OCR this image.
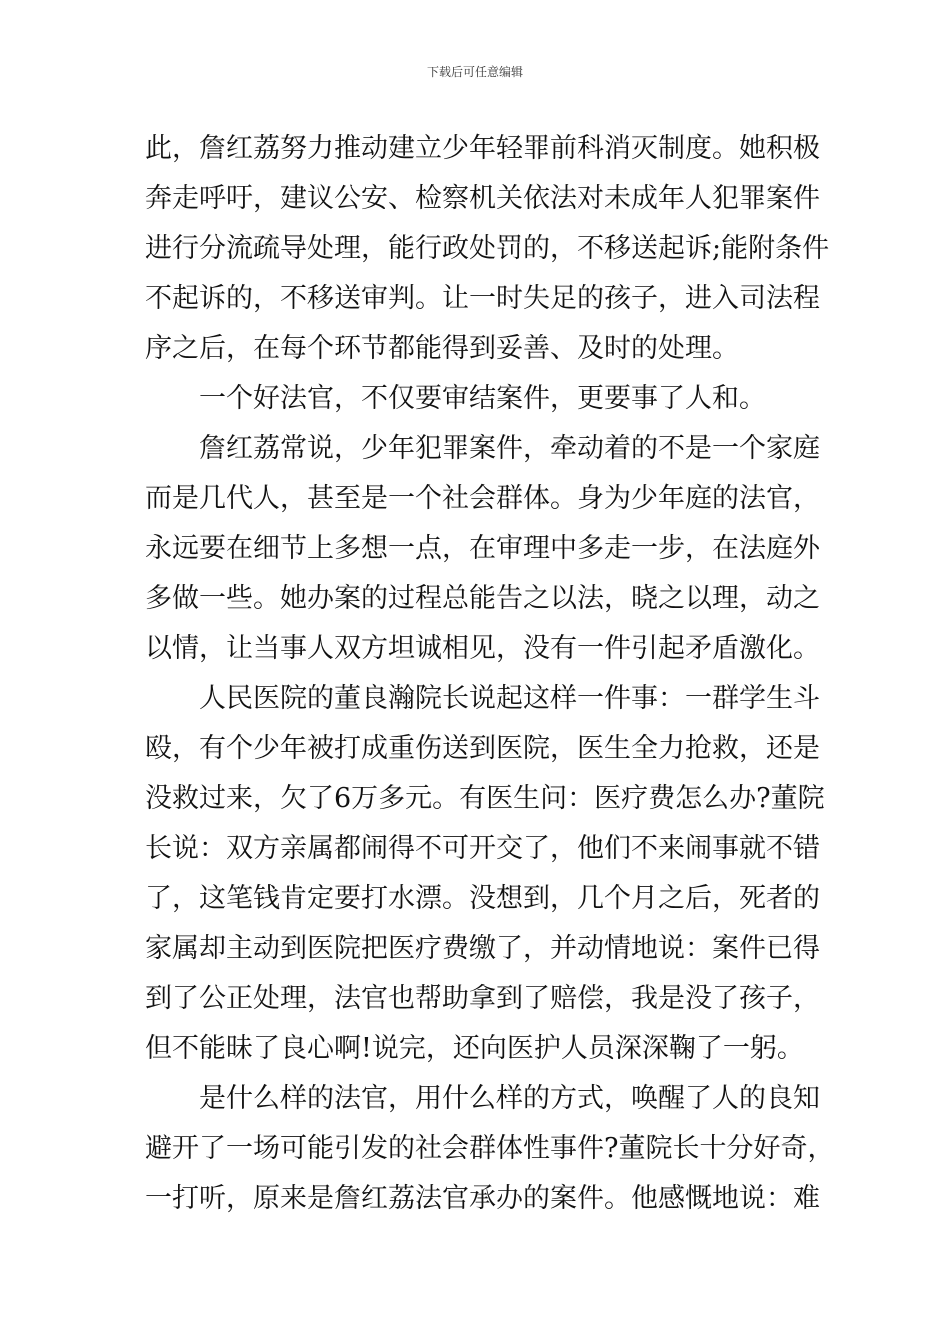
下载后可任意编辑
此，詹红荔努力推动建立少年轻罪前科消灭制度。她积极
奔走呼吁，建议公安、检察机关依法对未成年人犯罪案件
进行分流疏导处理，能行政处罚的，不移送起诉;能附条件
不起诉的，不移送审判。让一时失足的孩子，进入司法程
序之后，在每个环节都能得到妥善、及时的处理。
一个好法官，不仅要审结案件，更要事了人和。
詹红荔常说，少年犯罪案件，牵动着的不是一个家庭
而是几代人，甚至是一个社会群体。身为少年庭的法官，
永远要在细节上多想一点，在审理中多走一步，在法庭外
多做一些。她办案的过程总能告之以法，晓之以理，动之
以情，让当事人双方坦诚相见，没有一件引起矛盾激化。
人民医院的董良瀚院长说起这样一件事：一群学生斗
殴，有个少年被打成重伤送到医院，医生全力抢救，还是
没救过来，欠了6万多元。有医生问：医疗费怎么办?董院
长说：双方亲属都闹得不可开交了，他们不来闹事就不错
了，这笔钱肯定要打水漂。没想到，几个月之后，死者的
家属却主动到医院把医疗费缴了，并动情地说：案件已得
到了公正处理，法官也帮助拿到了赔偿，我是没了孩子，
但不能昧了良心啊!说完，还向医护人员深深鞠了一躬。
是什么样的法官，用什么样的方式，唤醒了人的良知
避开了一场可能引发的社会群体性事件?董院长十分好奇，
一打听，原来是詹红荔法官承办的案件。他感慨地说：难
